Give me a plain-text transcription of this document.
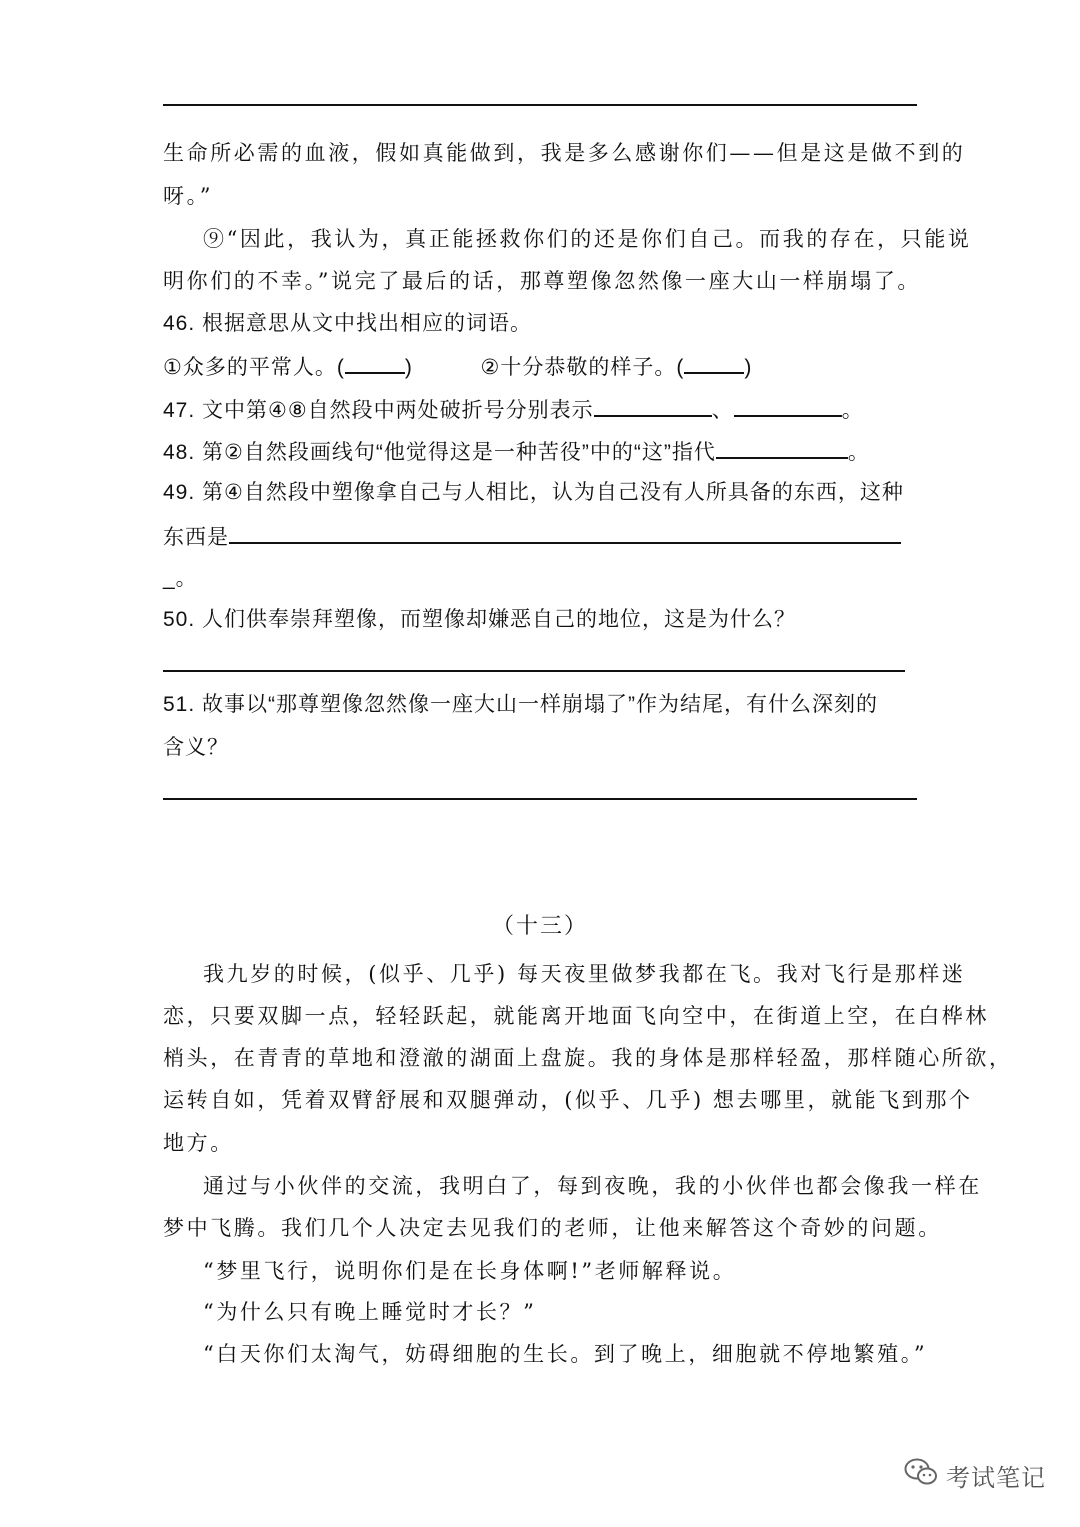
生命所必需的血液，假如真能做到，我是多么感谢你们——但是这是做不到的
呀。”
⑨“因此，我认为，真正能拯救你们的还是你们自己。而我的存在，只能说
明你们的不幸。”说完了最后的话，那尊塑像忽然像一座大山一样崩塌了。
46. 根据意思从文中找出相应的词语。
①众多的平常人。(	)	②十分恭敬的样子。(	)
47. 文中第④⑧自然段中两处破折号分别表示	、	。
48. 第②自然段画线句“他觉得这是一种苦役”中的“这”指代	。
49. 第④自然段中塑像拿自己与人相比，认为自己没有人所具备的东西，这种
东西是
_。
50. 人们供奉崇拜塑像，而塑像却嫌恶自己的地位，这是为什么？
51. 故事以“那尊塑像忽然像一座大山一样崩塌了”作为结尾，有什么深刻的
含义？
（十三）
我九岁的时候，(似乎、几乎) 每天夜里做梦我都在飞。我对飞行是那样迷
恋，只要双脚一点，轻轻跃起，就能离开地面飞向空中，在街道上空，在白桦林
梢头，在青青的草地和澄澈的湖面上盘旋。我的身体是那样轻盈，那样随心所欲，
运转自如，凭着双臂舒展和双腿弹动，(似乎、几乎) 想去哪里，就能飞到那个
地方。
通过与小伙伴的交流，我明白了，每到夜晚，我的小伙伴也都会像我一样在
梦中飞腾。我们几个人决定去见我们的老师，让他来解答这个奇妙的问题。
“梦里飞行，说明你们是在长身体啊!”老师解释说。
“为什么只有晚上睡觉时才长？”
“白天你们太淘气，妨碍细胞的生长。到了晚上，细胞就不停地繁殖。”
考试笔记
